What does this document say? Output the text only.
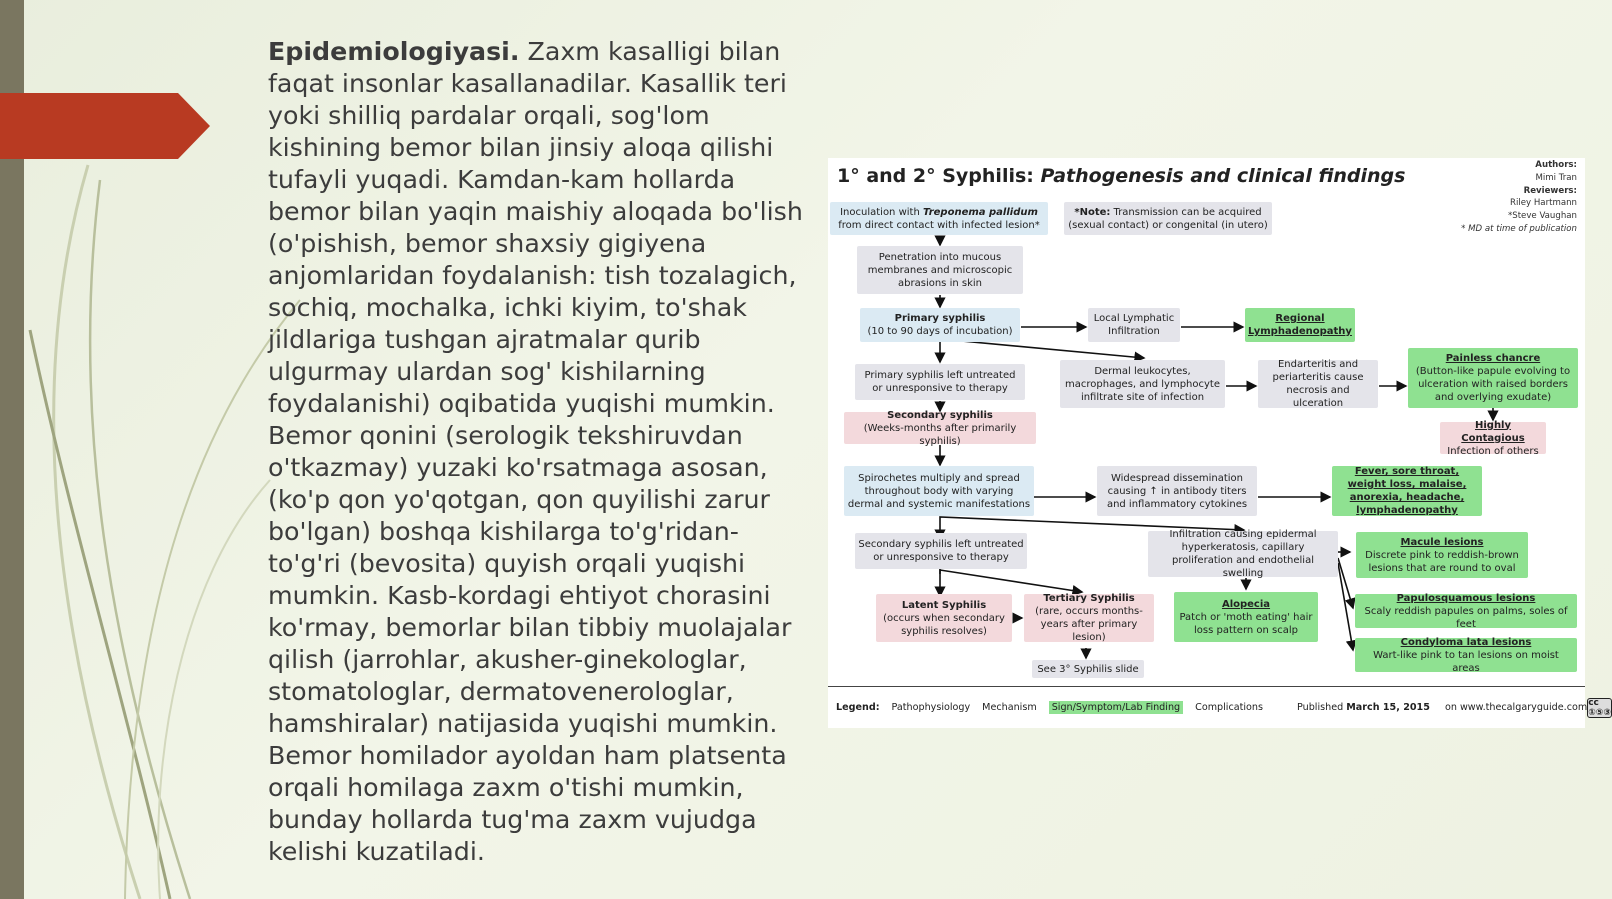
Epidemiologiyasi. Zaxm kasalligi bilan faqat insonlar kasallanadilar. Kasallik teri yoki shilliq pardalar orqali, sog'lom kishining bemor bilan jinsiy aloqa qilishi tufayli yuqadi. Kamdan-kam hollarda bemor bilan yaqin maishiy aloqada bo'lish (o'pishish, bemor shaxsiy gigiyena anjomlaridan foydalanish: tish tozalagich, sochiq, mochalka, ichki kiyim, to'shak jildlariga tushgan ajratmalar qurib ulgurmay ulardan sog' kishilarning foydalanishi) oqibatida yuqishi mumkin. Bemor qonini (serologik tekshiruvdan o'tkazmay) yuzaki ko'rsatmaga asosan, (ko'p qon yo'qotgan, qon quyilishi zarur bo'lgan) boshqa kishilarga to'g'ridan-to'g'ri (bevosita) quyish orqali yuqishi mumkin. Kasb-kordagi ehtiyot chorasini ko'rmay, bemorlar bilan tibbiy muolajalar qilish (jarrohlar, akusher-ginekologlar, stomatologlar, dermatovenerologlar, hamshiralar) natijasida yuqishi mumkin. Bemor homilador ayoldan ham platsenta orqali homilaga zaxm o'tishi mumkin, bunday hollarda tug'ma zaxm vujudga kelishi kuzatiladi.
1° and 2° Syphilis: Pathogenesis and clinical findings	Authors:
Mimi Tran
Reviewers:
Riley Hartmann
*Steve Vaughan
* MD at time of publication
Inoculation with Treponema pallidum from direct contact with infected lesion*
*Note: Transmission can be acquired (sexual contact) or congenital (in utero)
Penetration into mucous membranes and microscopic abrasions in skin
Primary syphilis
(10 to 90 days of incubation)
Local Lymphatic Infiltration
Regional Lymphadenopathy
Primary syphilis left untreated or unresponsive to therapy
Dermal leukocytes, macrophages, and lymphocyte infiltrate site of infection
Endarteritis and periarteritis cause necrosis and ulceration
Painless chancre
(Button-like papule evolving to ulceration with raised borders and overlying exudate)
Secondary syphilis
(Weeks-months after primarily syphilis)
Highly Contagious
Infection of others
Spirochetes multiply and spread throughout body with varying dermal and systemic manifestations
Widespread dissemination causing ↑ in antibody titers and inflammatory cytokines
Fever, sore throat, weight loss, malaise, anorexia, headache, lymphadenopathy
Secondary syphilis left untreated or unresponsive to therapy
Infiltration causing epidermal hyperkeratosis, capillary proliferation and endothelial swelling
Macule lesions
Discrete pink to reddish-brown lesions that are round to oval
Latent Syphilis
(occurs when secondary syphilis resolves)
Tertiary Syphilis
(rare, occurs months- years after primary lesion)
Alopecia
Patch or 'moth eating' hair loss pattern on scalp
Papulosquamous lesions
Scaly reddish papules on palms, soles of feet
Condyloma lata lesions
Wart-like pink to tan lesions on moist areas
See 3° Syphilis slide
Legend: Pathophysiology Mechanism	Sign/Symptom/Lab Finding	Complications	Published March 15, 2015 on www.thecalgaryguide.com cc ①⑤③
